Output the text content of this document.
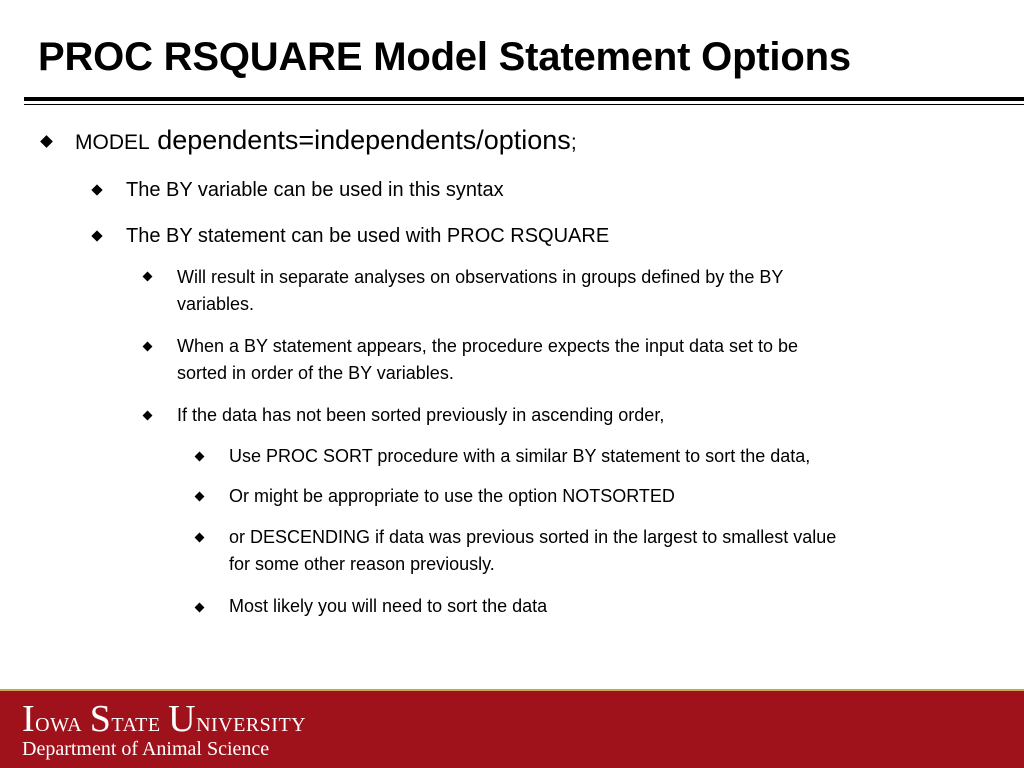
PROC RSQUARE Model Statement Options

MODEL dependents=independents/options;

The BY variable can be used in this syntax

The BY statement can be used with PROC RSQUARE

Will result in separate analyses on observations in groups defined by the BY

variables.

When a BY statement appears, the procedure expects the input data set to be

sorted in order of the BY variables.

If the data has not been sorted previously in ascending order,

Use PROC SORT procedure with a similar BY statement to sort the data,

Or might be appropriate to use the option NOTSORTED

or DESCENDING if data was previous sorted in the largest to smallest value

for some other reason previously.

Most likely you will need to sort the data

Iowa State University

Department of Animal Science
